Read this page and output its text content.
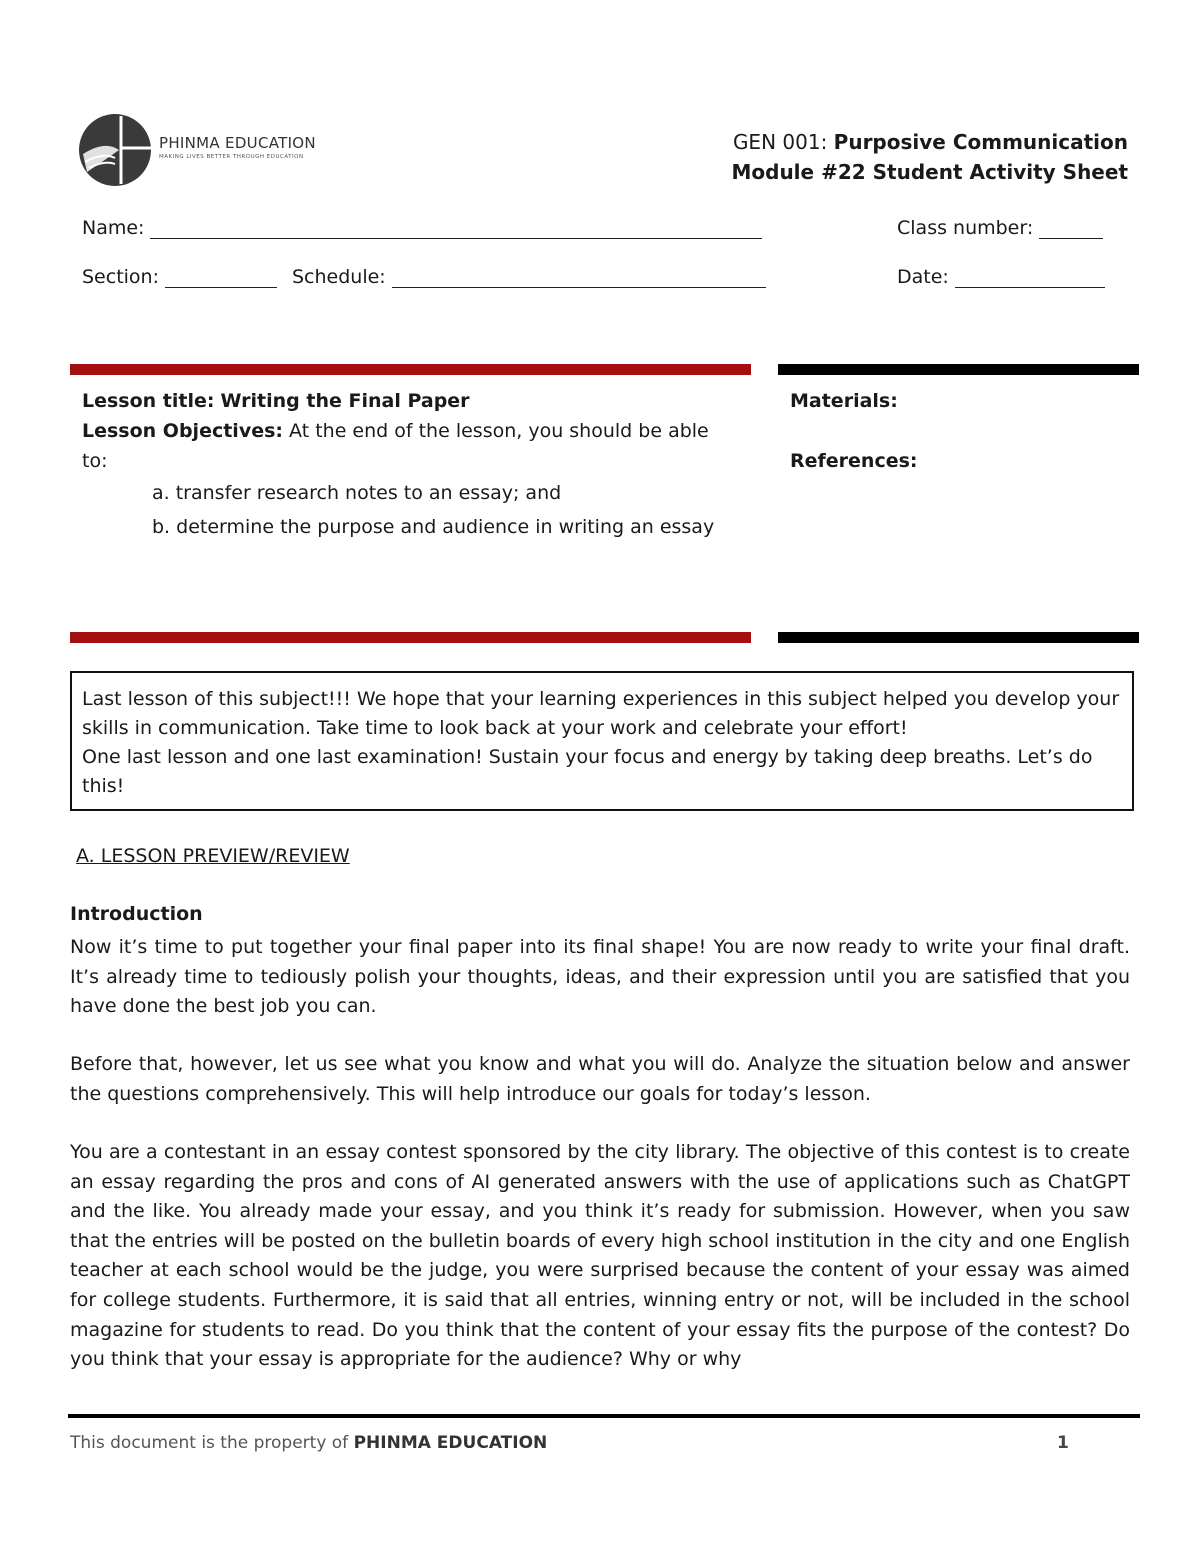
PHINMA EDUCATION
MAKING LIVES BETTER THROUGH EDUCATION
GEN 001: Purposive Communication
Module #22 Student Activity Sheet
Name:	Class number:
Section:	Schedule:	Date:
Lesson title: Writing the Final Paper
Lesson Objectives: At the end of the lesson, you should be able to:
a. transfer research notes to an essay; and
b. determine the purpose and audience in writing an essay
Materials:
References:
Last lesson of this subject!!! We hope that your learning experiences in this subject helped you develop your skills in communication. Take time to look back at your work and celebrate your effort!
One last lesson and one last examination! Sustain your focus and energy by taking deep breaths. Let’s do this!
A. LESSON PREVIEW/REVIEW
Introduction
Now it’s time to put together your final paper into its final shape! You are now ready to write your final draft. It’s already time to tediously polish your thoughts, ideas, and their expression until you are satisfied that you have done the best job you can.
Before that, however, let us see what you know and what you will do. Analyze the situation below and answer the questions comprehensively. This will help introduce our goals for today’s lesson.
You are a contestant in an essay contest sponsored by the city library. The objective of this contest is to create an essay regarding the pros and cons of AI generated answers with the use of applications such as ChatGPT and the like. You already made your essay, and you think it’s ready for submission. However, when you saw that the entries will be posted on the bulletin boards of every high school institution in the city and one English teacher at each school would be the judge, you were surprised because the content of your essay was aimed for college students. Furthermore, it is said that all entries, winning entry or not, will be included in the school magazine for students to read. Do you think that the content of your essay fits the purpose of the contest? Do you think that your essay is appropriate for the audience? Why or why
This document is the property of PHINMA EDUCATION	1
